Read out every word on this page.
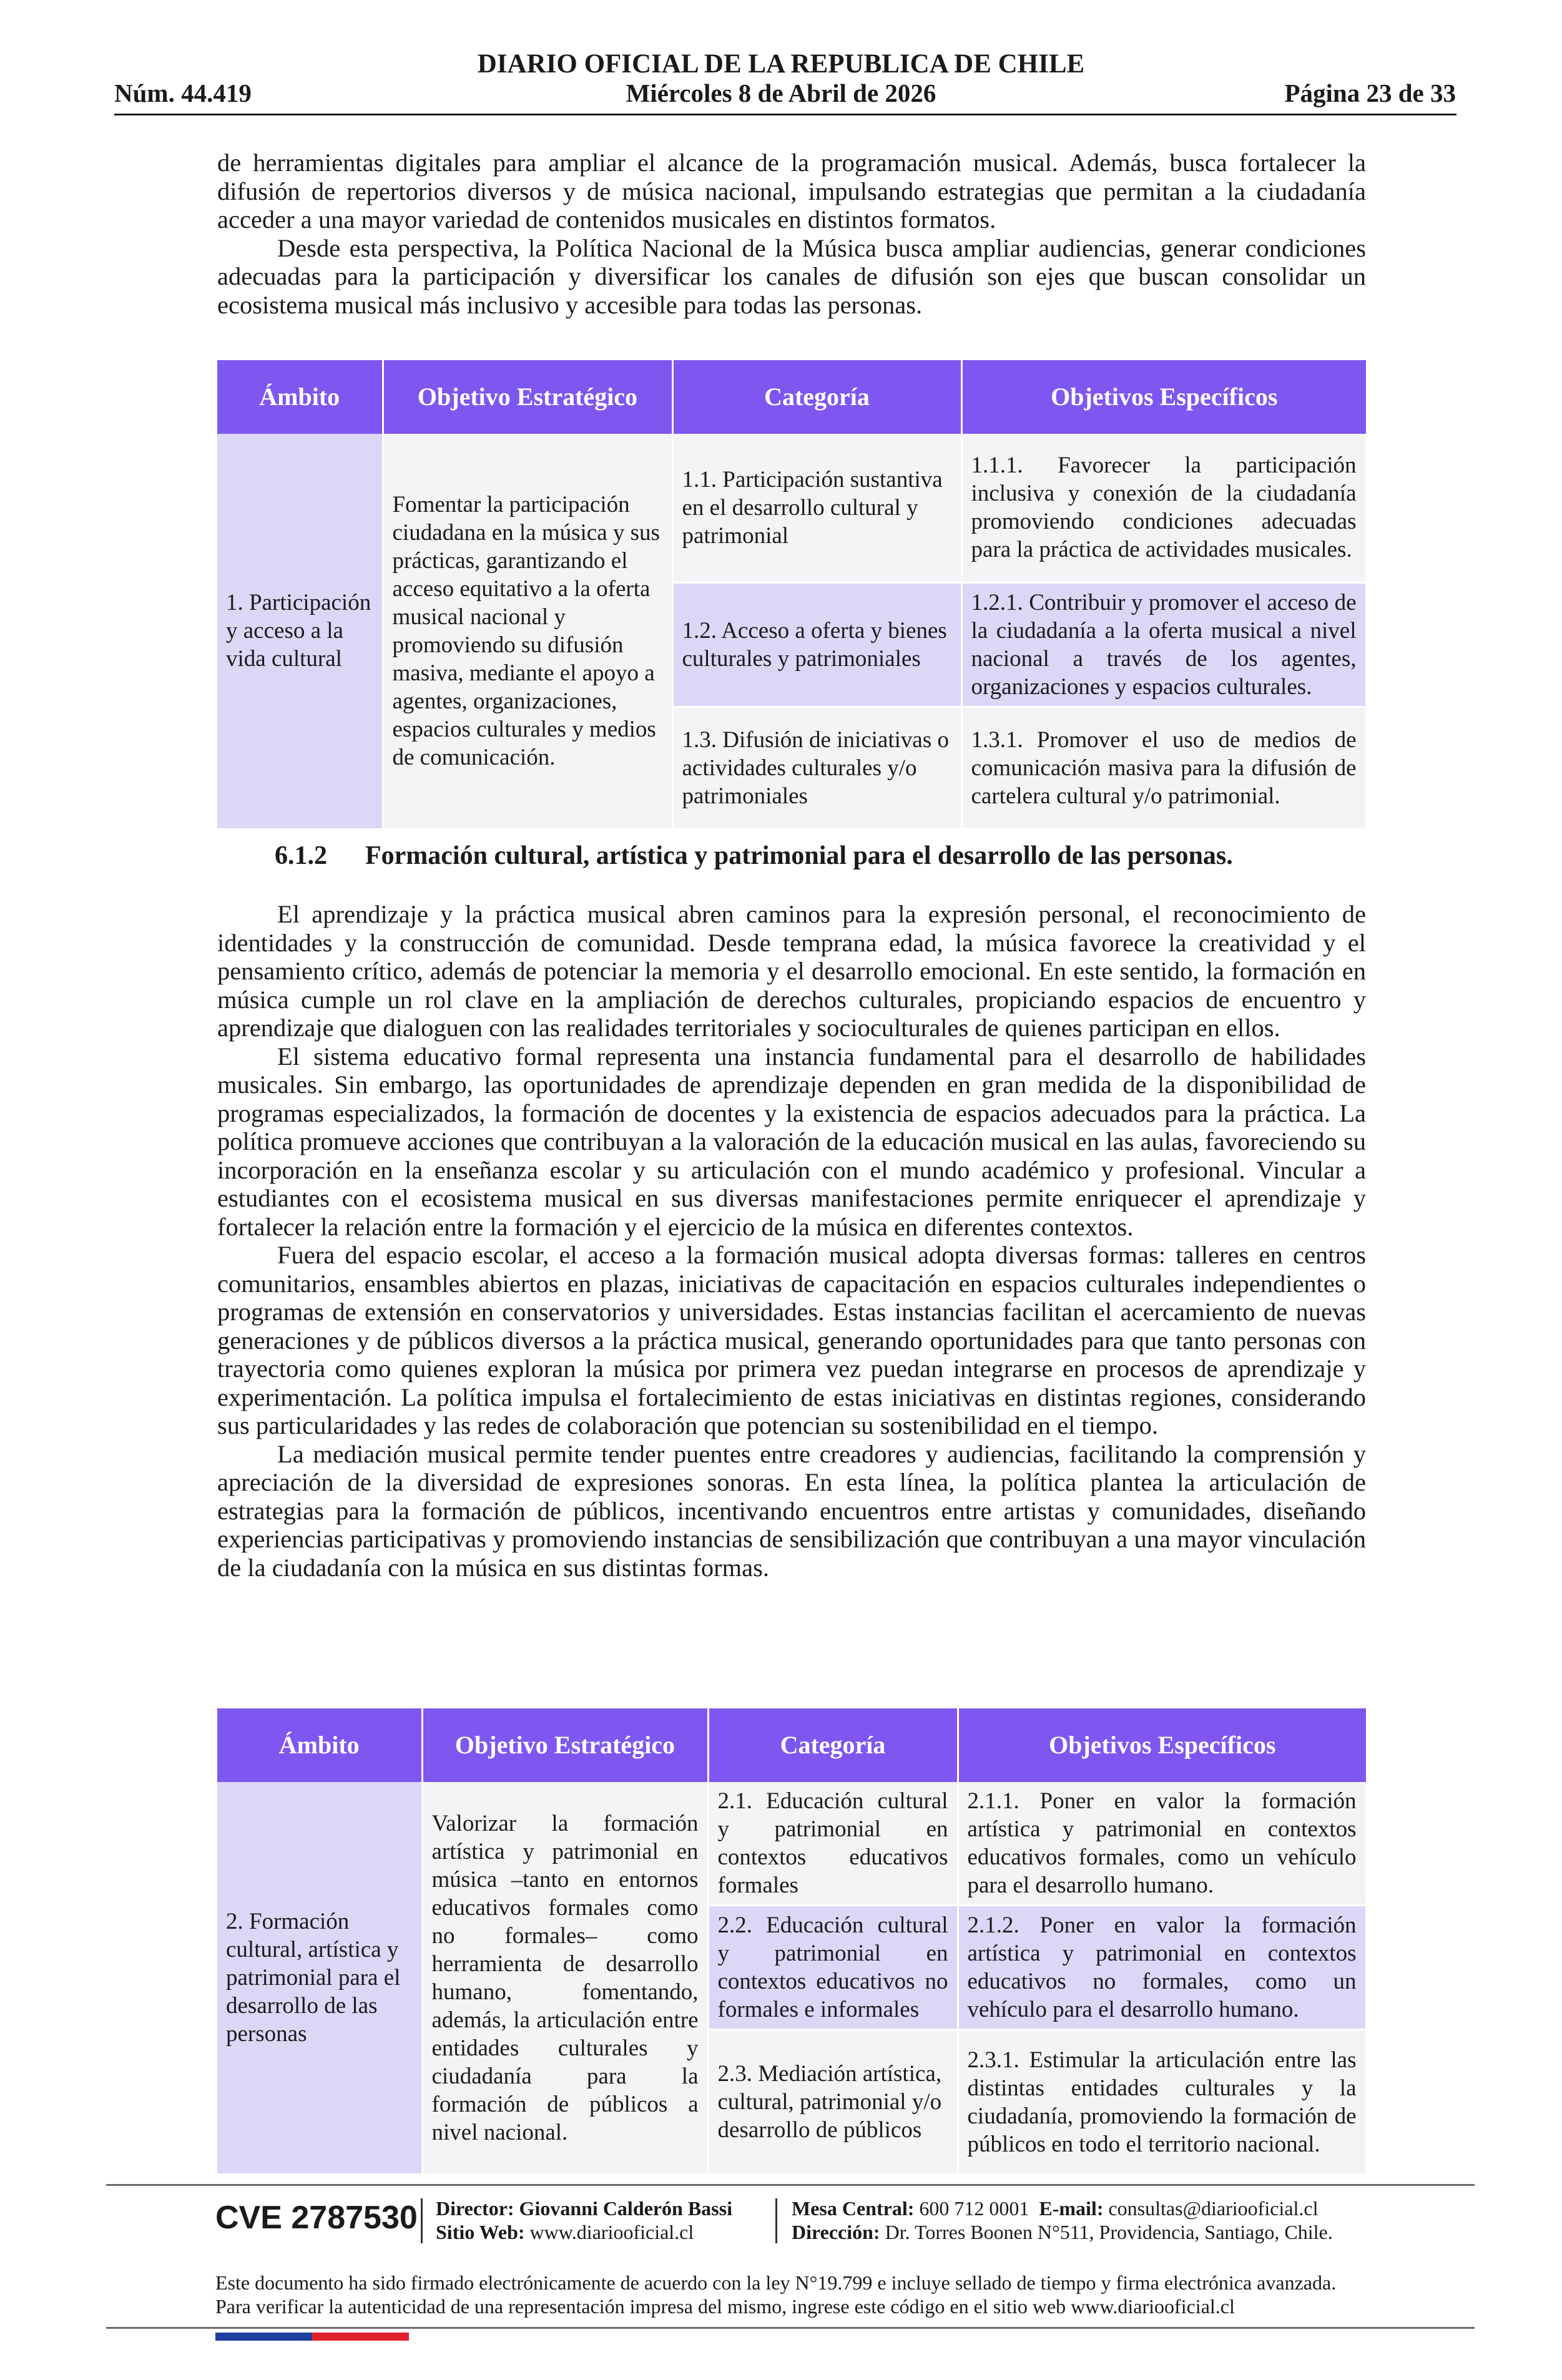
DIARIO OFICIAL DE LA REPUBLICA DE CHILE
Miércoles 8 de Abril de 2026
Núm. 44.419	Página 23 de 33

de herramientas digitales para ampliar el alcance de la programación musical. Además, busca fortalecer la difusión de repertorios diversos y de música nacional, impulsando estrategias que permitan a la ciudadanía acceder a una mayor variedad de contenidos musicales en distintos formatos.

Desde esta perspectiva, la Política Nacional de la Música busca ampliar audiencias, generar condiciones adecuadas para la participación y diversificar los canales de difusión son ejes que buscan consolidar un ecosistema musical más inclusivo y accesible para todas las personas.

Ámbito	Objetivo Estratégico	Categoría	Objetivos Específicos
1. Participación y acceso a la vida cultural	Fomentar la participación ciudadana en la música y sus prácticas, garantizando el acceso equitativo a la oferta musical nacional y promoviendo su difusión masiva, mediante el apoyo a agentes, organizaciones, espacios culturales y medios de comunicación.	1.1. Participación sustantiva en el desarrollo cultural y patrimonial	1.1.1. Favorecer la participación inclusiva y conexión de la ciudadanía promoviendo condiciones adecuadas para la práctica de actividades musicales.
		1.2. Acceso a oferta y bienes culturales y patrimoniales	1.2.1. Contribuir y promover el acceso de la ciudadanía a la oferta musical a nivel nacional a través de los agentes, organizaciones y espacios culturales.
		1.3. Difusión de iniciativas o actividades culturales y/o patrimoniales	1.3.1. Promover el uso de medios de comunicación masiva para la difusión de cartelera cultural y/o patrimonial.
6.1.2 Formación cultural, artística y patrimonial para el desarrollo de las personas.

El aprendizaje y la práctica musical abren caminos para la expresión personal, el reconocimiento de identidades y la construcción de comunidad. Desde temprana edad, la música favorece la creatividad y el pensamiento crítico, además de potenciar la memoria y el desarrollo emocional. En este sentido, la formación en música cumple un rol clave en la ampliación de derechos culturales, propiciando espacios de encuentro y aprendizaje que dialoguen con las realidades territoriales y socioculturales de quienes participan en ellos.

El sistema educativo formal representa una instancia fundamental para el desarrollo de habilidades musicales. Sin embargo, las oportunidades de aprendizaje dependen en gran medida de la disponibilidad de programas especializados, la formación de docentes y la existencia de espacios adecuados para la práctica. La política promueve acciones que contribuyan a la valoración de la educación musical en las aulas, favoreciendo su incorporación en la enseñanza escolar y su articulación con el mundo académico y profesional. Vincular a estudiantes con el ecosistema musical en sus diversas manifestaciones permite enriquecer el aprendizaje y fortalecer la relación entre la formación y el ejercicio de la música en diferentes contextos.

Fuera del espacio escolar, el acceso a la formación musical adopta diversas formas: talleres en centros comunitarios, ensambles abiertos en plazas, iniciativas de capacitación en espacios culturales independientes o programas de extensión en conservatorios y universidades. Estas instancias facilitan el acercamiento de nuevas generaciones y de públicos diversos a la práctica musical, generando oportunidades para que tanto personas con trayectoria como quienes exploran la música por primera vez puedan integrarse en procesos de aprendizaje y experimentación. La política impulsa el fortalecimiento de estas iniciativas en distintas regiones, considerando sus particularidades y las redes de colaboración que potencian su sostenibilidad en el tiempo.

La mediación musical permite tender puentes entre creadores y audiencias, facilitando la comprensión y apreciación de la diversidad de expresiones sonoras. En esta línea, la política plantea la articulación de estrategias para la formación de públicos, incentivando encuentros entre artistas y comunidades, diseñando experiencias participativas y promoviendo instancias de sensibilización que contribuyan a una mayor vinculación de la ciudadanía con la música en sus distintas formas.

Ámbito	Objetivo Estratégico	Categoría	Objetivos Específicos
2. Formación cultural, artística y patrimonial para el desarrollo de las personas	Valorizar la formación artística y patrimonial en música –tanto en entornos educativos formales como no formales– como herramienta de desarrollo humano, fomentando, además, la articulación entre entidades culturales y ciudadanía para la formación de públicos a nivel nacional.	2.1. Educación cultural y patrimonial en contextos educativos formales	2.1.1. Poner en valor la formación artística y patrimonial en contextos educativos formales, como un vehículo para el desarrollo humano.
		2.2. Educación cultural y patrimonial en contextos educativos no formales e informales	2.1.2. Poner en valor la formación artística y patrimonial en contextos educativos no formales, como un vehículo para el desarrollo humano.
		2.3. Mediación artística, cultural, patrimonial y/o desarrollo de públicos	2.3.1. Estimular la articulación entre las distintas entidades culturales y la ciudadanía, promoviendo la formación de públicos en todo el territorio nacional.
CVE 2787530 Director: Giovanni Calderón Bassi
Sitio Web: www.diariooficial.cl
Mesa Central: 600 712 0001 E-mail: consultas@diariooficial.cl
Dirección: Dr. Torres Boonen N°511, Providencia, Santiago, Chile.
Este documento ha sido firmado electrónicamente de acuerdo con la ley N°19.799 e incluye sellado de tiempo y firma electrónica avanzada. Para verificar la autenticidad de una representación impresa del mismo, ingrese este código en el sitio web www.diariooficial.cl
